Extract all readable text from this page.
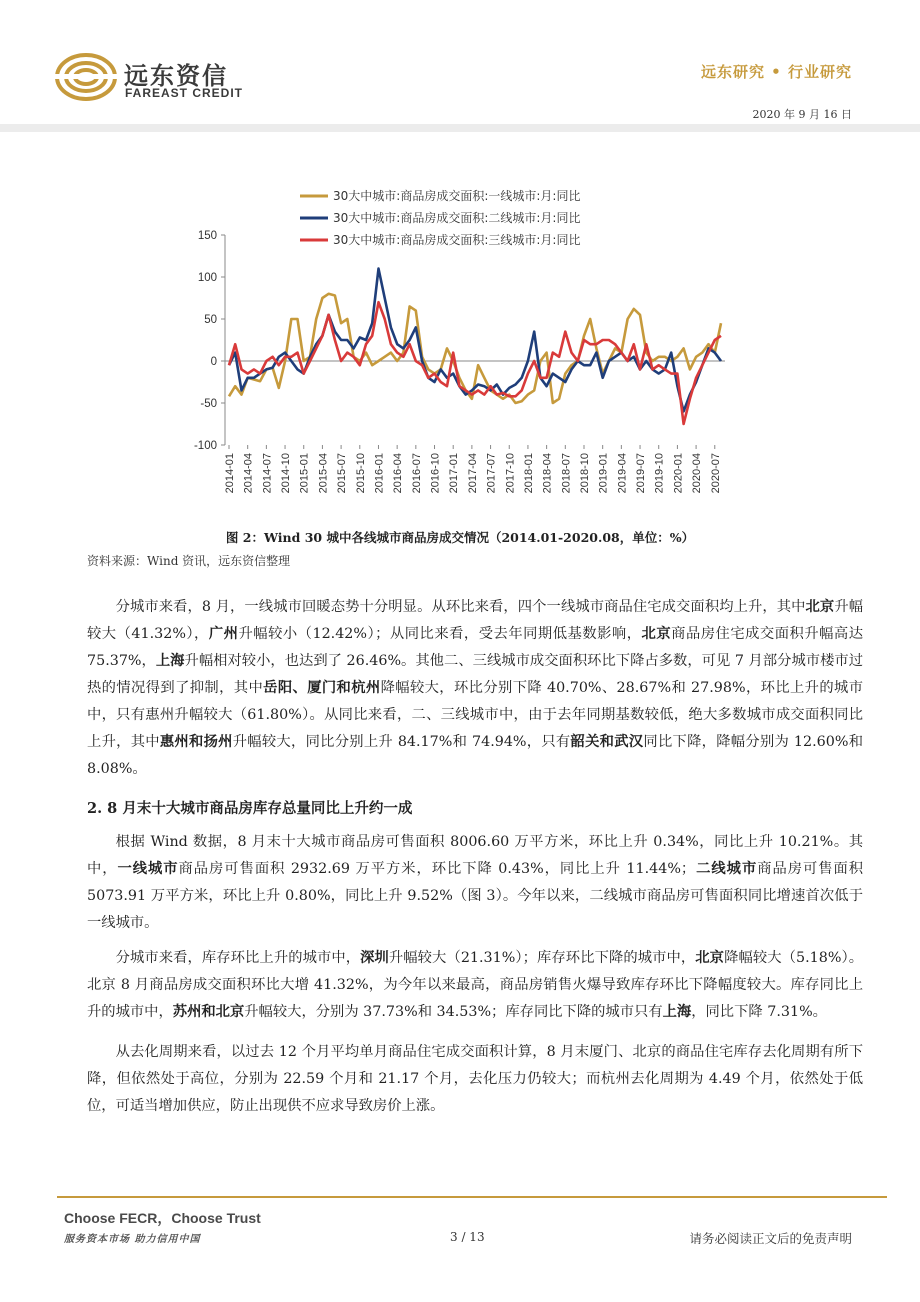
远东资信
FAREAST CREDIT
远东研究 • 行业研究
2020 年 9 月 16 日
30大中城市:商品房成交面积:一线城市:月:同比
30大中城市:商品房成交面积:二线城市:月:同比
30大中城市:商品房成交面积:三线城市:月:同比
150
100
50
0
-50
-100
2014-01 2014-04 2014-07 2014-10 2015-01 2015-04 2015-07 2015-10 2016-01 2016-04 2016-07 2016-10 2017-01 2017-04 2017-07 2017-10 2018-01 2018-04 2018-07 2018-10 2019-01 2019-04 2019-07 2019-10 2020-01 2020-04 2020-07
图 2：Wind 30 城中各线城市商品房成交情况（2014.01-2020.08，单位：%）
资料来源：Wind 资讯，远东资信整理
分城市来看，8 月，一线城市回暖态势十分明显。从环比来看，四个一线城市商品住宅成交面积均上升，其中北京升幅较大（41.32%），广州升幅较小（12.42%）；从同比来看，受去年同期低基数影响，北京商品房住宅成交面积升幅高达 75.37%，上海升幅相对较小，也达到了 26.46%。其他二、三线城市成交面积环比下降占多数，可见 7 月部分城市楼市过热的情况得到了抑制，其中岳阳、厦门和杭州降幅较大，环比分别下降 40.70%、28.67%和 27.98%，环比上升的城市中，只有惠州升幅较大（61.80%）。从同比来看，二、三线城市中，由于去年同期基数较低，绝大多数城市成交面积同比上升，其中惠州和扬州升幅较大，同比分别上升 84.17%和 74.94%，只有韶关和武汉同比下降，降幅分别为 12.60%和 8.08%。
2. 8 月末十大城市商品房库存总量同比上升约一成
根据 Wind 数据，8 月末十大城市商品房可售面积 8006.60 万平方米，环比上升 0.34%，同比上升 10.21%。其中，一线城市商品房可售面积 2932.69 万平方米，环比下降 0.43%，同比上升 11.44%；二线城市商品房可售面积 5073.91 万平方米，环比上升 0.80%，同比上升 9.52%（图 3）。今年以来，二线城市商品房可售面积同比增速首次低于一线城市。
分城市来看，库存环比上升的城市中，深圳升幅较大（21.31%）；库存环比下降的城市中，北京降幅较大（5.18%）。北京 8 月商品房成交面积环比大增 41.32%，为今年以来最高，商品房销售火爆导致库存环比下降幅度较大。库存同比上升的城市中，苏州和北京升幅较大，分别为 37.73%和 34.53%；库存同比下降的城市只有上海，同比下降 7.31%。
从去化周期来看，以过去 12 个月平均单月商品住宅成交面积计算，8 月末厦门、北京的商品住宅库存去化周期有所下降，但依然处于高位，分别为 22.59 个月和 21.17 个月，去化压力仍较大；而杭州去化周期为 4.49 个月，依然处于低位，可适当增加供应，防止出现供不应求导致房价上涨。
Choose FECR，Choose Trust
服务资本市场 助力信用中国	3 / 13	请务必阅读正文后的免责声明
